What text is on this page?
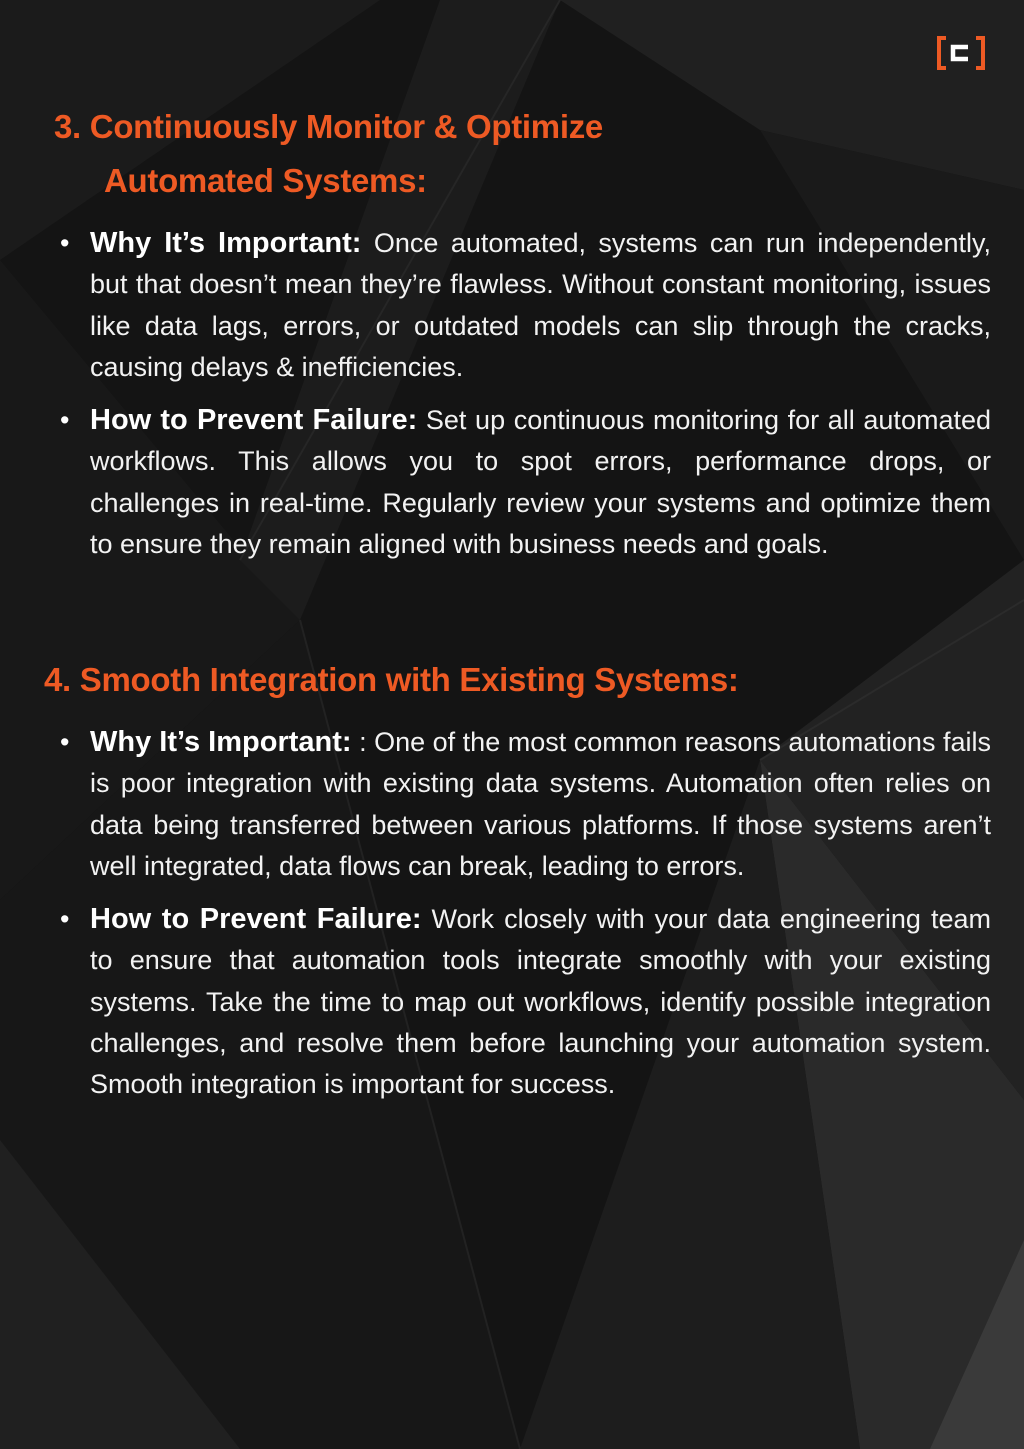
3. Continuously Monitor & Optimize
Automated Systems:
• Why It’s Important: Once automated, systems can run independently, but that doesn’t mean they’re flawless. Without constant monitoring, issues like data lags, errors, or outdated models can slip through the cracks, causing delays & inefficiencies.
• How to Prevent Failure: Set up continuous monitoring for all automated workflows. This allows you to spot errors, performance drops, or challenges in real-time. Regularly review your systems and optimize them to ensure they remain aligned with business needs and goals.
4. Smooth Integration with Existing Systems:
• Why It’s Important: : One of the most common reasons automations fails is poor integration with existing data systems. Automation often relies on data being transferred between various platforms. If those systems aren’t well integrated, data flows can break, leading to errors.
• How to Prevent Failure: Work closely with your data engineering team to ensure that automation tools integrate smoothly with your existing systems. Take the time to map out workflows, identify possible integration challenges, and resolve them before launching your automation system. Smooth integration is important for success.
